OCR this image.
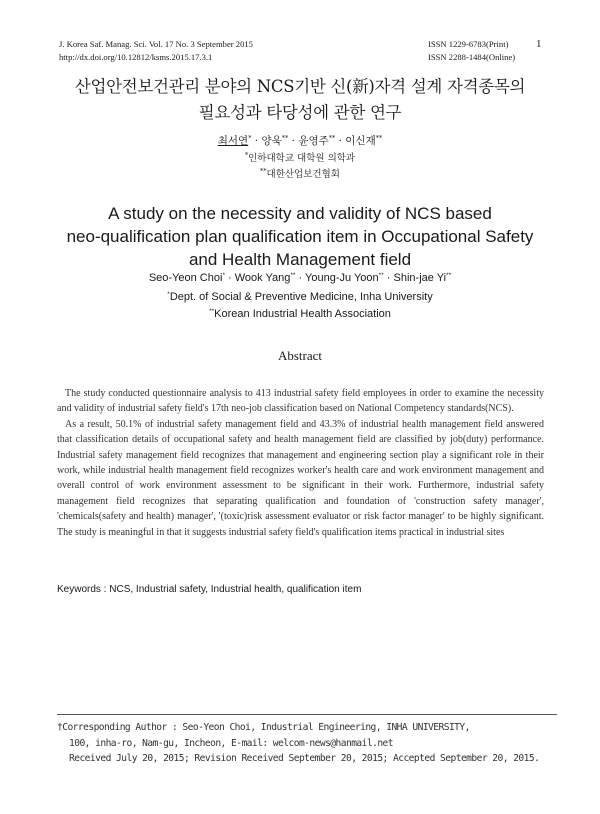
J. Korea Saf. Manag. Sci. Vol. 17 No. 3 September 2015
http://dx.doi.org/10.12812/ksms.2015.17.3.1
ISSN 1229-6783(Print)
ISSN 2288-1484(Online)
1
산업안전보건관리 분야의 NCS기반 신(新)자격 설계 자격종목의
필요성과 타당성에 관한 연구
최서연* · 양욱** · 윤영주** · 이신재**
*인하대학교 대학원 의학과
**대한산업보건협회
A study on the necessity and validity of NCS based
neo-qualification plan qualification item in Occupational Safety
and Health Management field
Seo-Yeon Choi* · Wook Yang** · Young-Ju Yoon** · Shin-jae Yi**
*Dept. of Social & Preventive Medicine, Inha University
**Korean Industrial Health Association
Abstract

The study conducted questionnaire analysis to 413 industrial safety field employees in order to examine the necessity and validity of industrial safety field's 17th neo-job classification based on National Competency standards(NCS).

As a result, 50.1% of industrial safety management field and 43.3% of industrial health management field answered that classification details of occupational safety and health management field are classified by job(duty) performance. Industrial safety management field recognizes that management and engineering section play a significant role in their work, while industrial health management field recognizes worker's health care and work environment management and overall control of work environment assessment to be significant in their work. Furthermore, industrial safety management field recognizes that separating qualification and foundation of 'construction safety manager', 'chemicals(safety and health) manager', '(toxic)risk assessment evaluator or risk factor manager' to be highly significant. The study is meaningful in that it suggests industrial safety field's qualification items practical in industrial sites

Keywords : NCS, Industrial safety, Industrial health, qualification item
†Corresponding Author : Seo-Yeon Choi, Industrial Engineering, INHA UNIVERSITY,
100, inha-ro, Nam-gu, Incheon, E-mail: welcom-news@hanmail.net
Received July 20, 2015; Revision Received September 20, 2015; Accepted September 20, 2015.
